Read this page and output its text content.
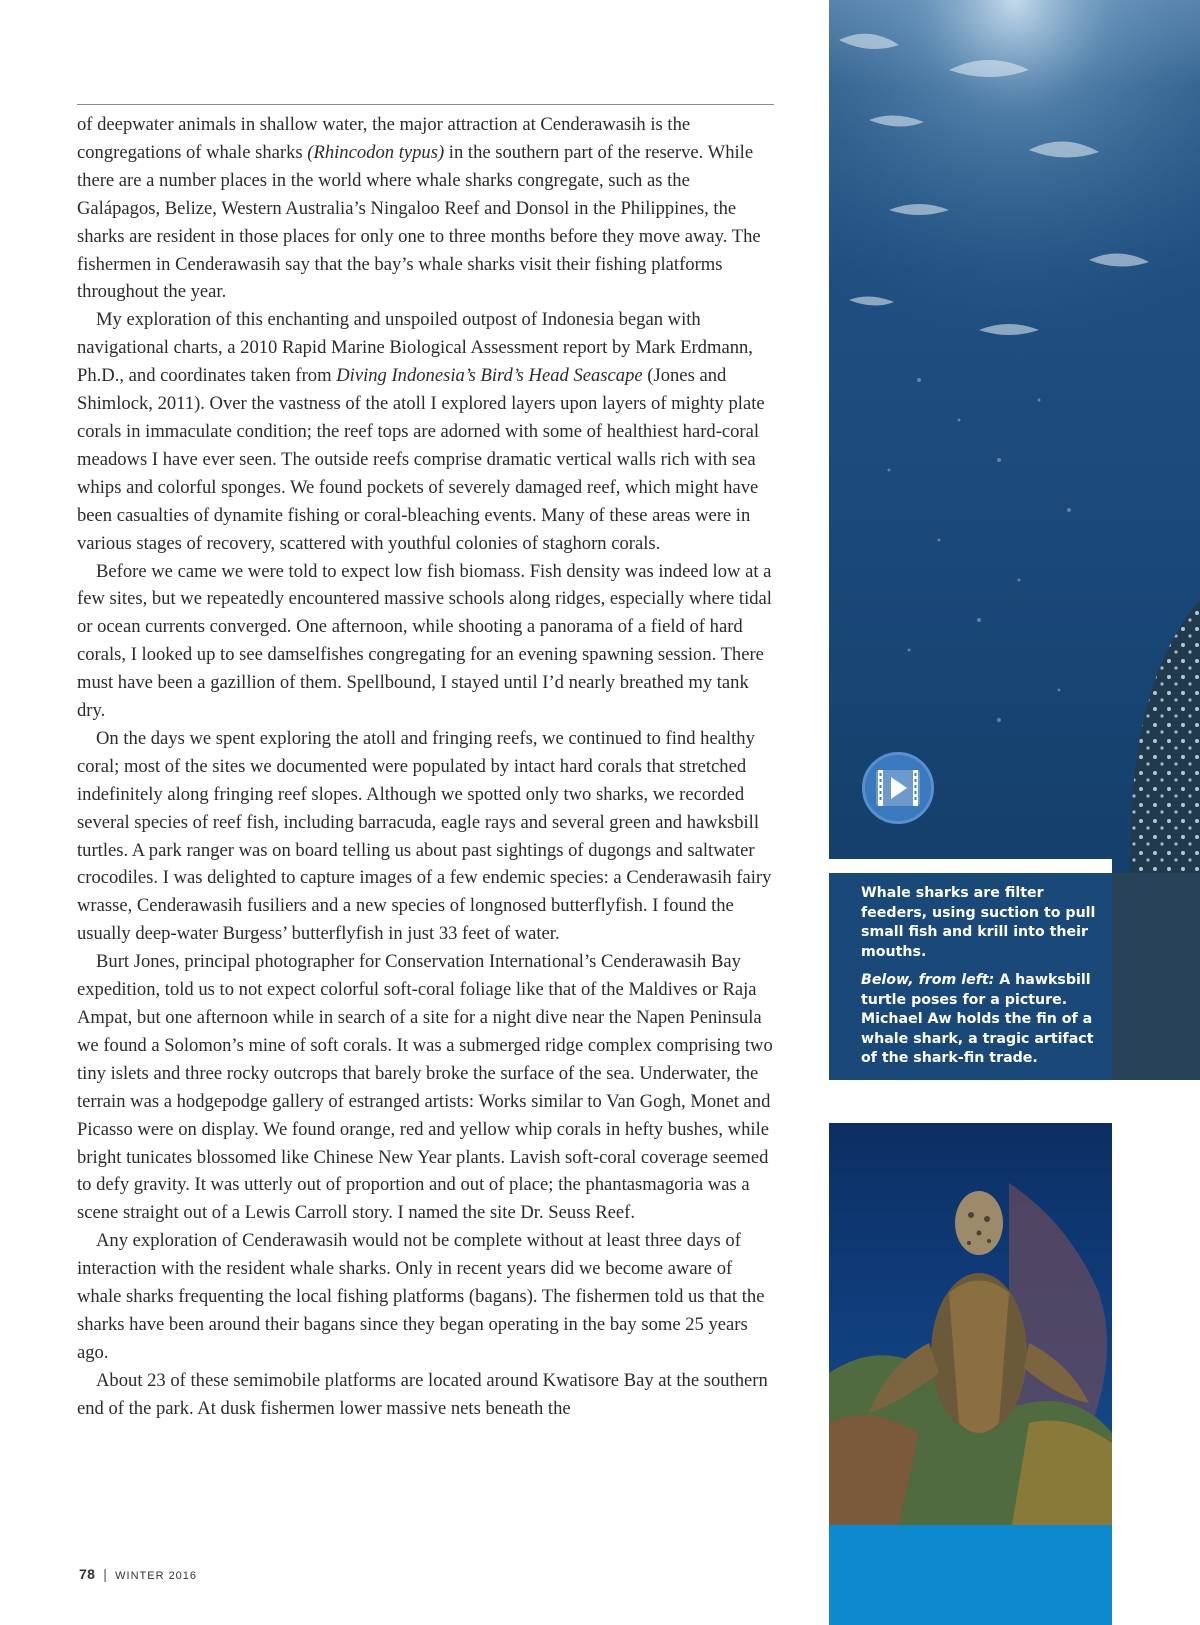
of deepwater animals in shallow water, the major attraction at Cenderawasih is the congregations of whale sharks (Rhincodon typus) in the southern part of the reserve. While there are a number places in the world where whale sharks congregate, such as the Galápagos, Belize, Western Australia’s Ningaloo Reef and Donsol in the Philippines, the sharks are resident in those places for only one to three months before they move away. The fishermen in Cenderawasih say that the bay’s whale sharks visit their fishing platforms throughout the year.

My exploration of this enchanting and unspoiled outpost of Indonesia began with navigational charts, a 2010 Rapid Marine Biological Assessment report by Mark Erdmann, Ph.D., and coordinates taken from Diving Indonesia’s Bird’s Head Seascape (Jones and Shimlock, 2011). Over the vastness of the atoll I explored layers upon layers of mighty plate corals in immaculate condition; the reef tops are adorned with some of healthiest hard-coral meadows I have ever seen. The outside reefs comprise dramatic vertical walls rich with sea whips and colorful sponges. We found pockets of severely damaged reef, which might have been casualties of dynamite fishing or coral-bleaching events. Many of these areas were in various stages of recovery, scattered with youthful colonies of staghorn corals.

Before we came we were told to expect low fish biomass. Fish density was indeed low at a few sites, but we repeatedly encountered massive schools along ridges, especially where tidal or ocean currents converged. One afternoon, while shooting a panorama of a field of hard corals, I looked up to see damselfishes congregating for an evening spawning session. There must have been a gazillion of them. Spellbound, I stayed until I’d nearly breathed my tank dry.

On the days we spent exploring the atoll and fringing reefs, we continued to find healthy coral; most of the sites we documented were populated by intact hard corals that stretched indefinitely along fringing reef slopes. Although we spotted only two sharks, we recorded several species of reef fish, including barracuda, eagle rays and several green and hawksbill turtles. A park ranger was on board telling us about past sightings of dugongs and saltwater crocodiles. I was delighted to capture images of a few endemic species: a Cenderawasih fairy wrasse, Cenderawasih fusiliers and a new species of longnosed butterflyfish. I found the usually deep-water Burgess’ butterflyfish in just 33 feet of water.

Burt Jones, principal photographer for Conservation International’s Cenderawasih Bay expedition, told us to not expect colorful soft-coral foliage like that of the Maldives or Raja Ampat, but one afternoon while in search of a site for a night dive near the Napen Peninsula we found a Solomon’s mine of soft corals. It was a submerged ridge complex comprising two tiny islets and three rocky outcrops that barely broke the surface of the sea. Underwater, the terrain was a hodgepodge gallery of estranged artists: Works similar to Van Gogh, Monet and Picasso were on display. We found orange, red and yellow whip corals in hefty bushes, while bright tunicates blossomed like Chinese New Year plants. Lavish soft-coral coverage seemed to defy gravity. It was utterly out of proportion and out of place; the phantasmagoria was a scene straight out of a Lewis Carroll story. I named the site Dr. Seuss Reef.

Any exploration of Cenderawasih would not be complete without at least three days of interaction with the resident whale sharks. Only in recent years did we become aware of whale sharks frequenting the local fishing platforms (bagans). The fishermen told us that the sharks have been around their bagans since they began operating in the bay some 25 years ago.

About 23 of these semimobile platforms are located around Kwatisore Bay at the southern end of the park. At dusk fishermen lower massive nets beneath the

Whale sharks are filter feeders, using suction to pull small fish and krill into their mouths.

Below, from left: A hawksbill turtle poses for a picture. Michael Aw holds the fin of a whale shark, a tragic artifact of the shark-fin trade.

78 | WINTER 2016
